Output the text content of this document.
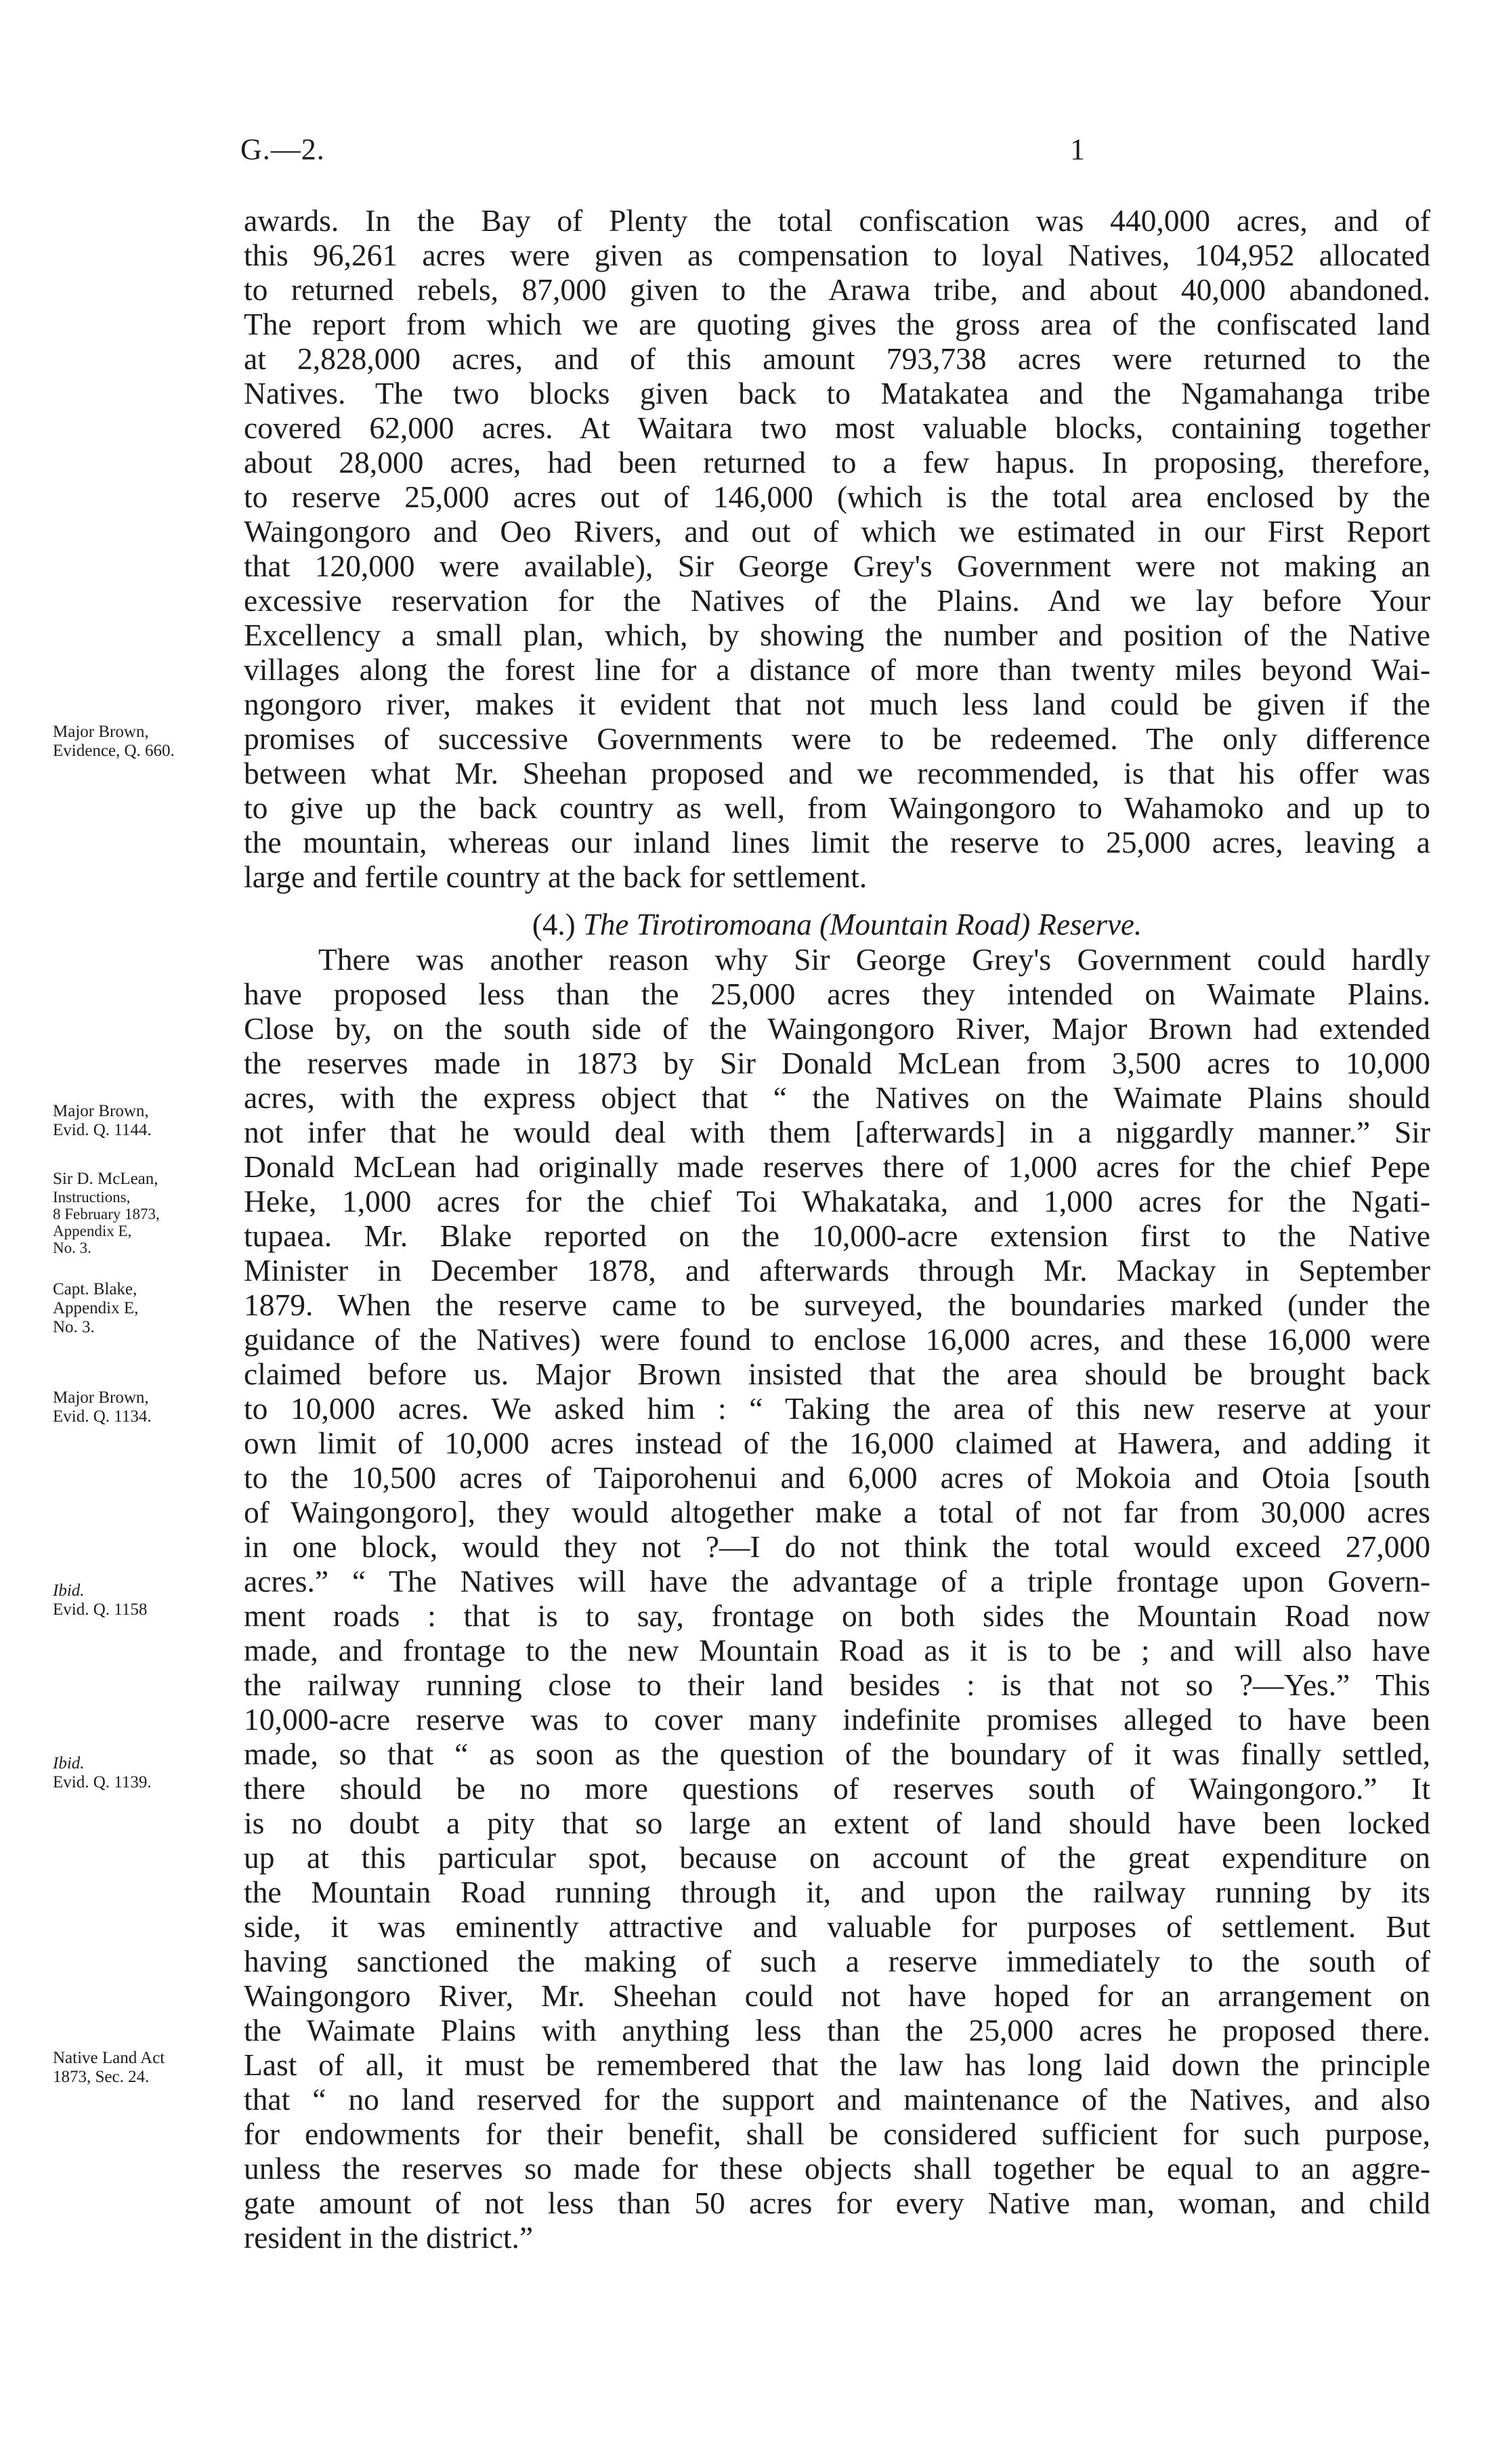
G.—2.	1
Major Brown,
Evidence, Q. 660.
Major Brown,
Evid. Q. 1144.
Sir D. McLean,
Instructions,
8 February 1873,
Appendix E,
No. 3.
Capt. Blake,
Appendix E,
No. 3.
Major Brown,
Evid. Q. 1134.
Ibid.
Evid. Q. 1158
Ibid.
Evid. Q. 1139.
Native Land Act
1873, Sec. 24.
awards. In the Bay of Plenty the total confiscation was 440,000 acres, and of
this 96,261 acres were given as compensation to loyal Natives, 104,952 allocated
to returned rebels, 87,000 given to the Arawa tribe, and about 40,000 abandoned.
The report from which we are quoting gives the gross area of the confiscated land
at 2,828,000 acres, and of this amount 793,738 acres were returned to the
Natives. The two blocks given back to Matakatea and the Ngamahanga tribe
covered 62,000 acres. At Waitara two most valuable blocks, containing together
about 28,000 acres, had been returned to a few hapus. In proposing, therefore,
to reserve 25,000 acres out of 146,000 (which is the total area enclosed by the
Waingongoro and Oeo Rivers, and out of which we estimated in our First Report
that 120,000 were available), Sir George Grey's Government were not making an
excessive reservation for the Natives of the Plains. And we lay before Your
Excellency a small plan, which, by showing the number and position of the Native
villages along the forest line for a distance of more than twenty miles beyond Wai-
ngongoro river, makes it evident that not much less land could be given if the
promises of successive Governments were to be redeemed. The only difference
between what Mr. Sheehan proposed and we recommended, is that his offer was
to give up the back country as well, from Waingongoro to Wahamoko and up to
the mountain, whereas our inland lines limit the reserve to 25,000 acres, leaving a
large and fertile country at the back for settlement.
(4.) The Tirotiromoana (Mountain Road) Reserve.
There was another reason why Sir George Grey's Government could hardly
have proposed less than the 25,000 acres they intended on Waimate Plains.
Close by, on the south side of the Waingongoro River, Major Brown had extended
the reserves made in 1873 by Sir Donald McLean from 3,500 acres to 10,000
acres, with the express object that “ the Natives on the Waimate Plains should
not infer that he would deal with them [afterwards] in a niggardly manner.” Sir
Donald McLean had originally made reserves there of 1,000 acres for the chief Pepe
Heke, 1,000 acres for the chief Toi Whakataka, and 1,000 acres for the Ngati-
tupaea. Mr. Blake reported on the 10,000-acre extension first to the Native
Minister in December 1878, and afterwards through Mr. Mackay in September
1879. When the reserve came to be surveyed, the boundaries marked (under the
guidance of the Natives) were found to enclose 16,000 acres, and these 16,000 were
claimed before us. Major Brown insisted that the area should be brought back
to 10,000 acres. We asked him : “ Taking the area of this new reserve at your
own limit of 10,000 acres instead of the 16,000 claimed at Hawera, and adding it
to the 10,500 acres of Taiporohenui and 6,000 acres of Mokoia and Otoia [south
of Waingongoro], they would altogether make a total of not far from 30,000 acres
in one block, would they not ?—I do not think the total would exceed 27,000
acres.” “ The Natives will have the advantage of a triple frontage upon Govern-
ment roads : that is to say, frontage on both sides the Mountain Road now
made, and frontage to the new Mountain Road as it is to be ; and will also have
the railway running close to their land besides : is that not so ?—Yes.” This
10,000-acre reserve was to cover many indefinite promises alleged to have been
made, so that “ as soon as the question of the boundary of it was finally settled,
there should be no more questions of reserves south of Waingongoro.” It
is no doubt a pity that so large an extent of land should have been locked
up at this particular spot, because on account of the great expenditure on
the Mountain Road running through it, and upon the railway running by its
side, it was eminently attractive and valuable for purposes of settlement. But
having sanctioned the making of such a reserve immediately to the south of
Waingongoro River, Mr. Sheehan could not have hoped for an arrangement on
the Waimate Plains with anything less than the 25,000 acres he proposed there.
Last of all, it must be remembered that the law has long laid down the principle
that “ no land reserved for the support and maintenance of the Natives, and also
for endowments for their benefit, shall be considered sufficient for such purpose,
unless the reserves so made for these objects shall together be equal to an aggre-
gate amount of not less than 50 acres for every Native man, woman, and child
resident in the district.”
